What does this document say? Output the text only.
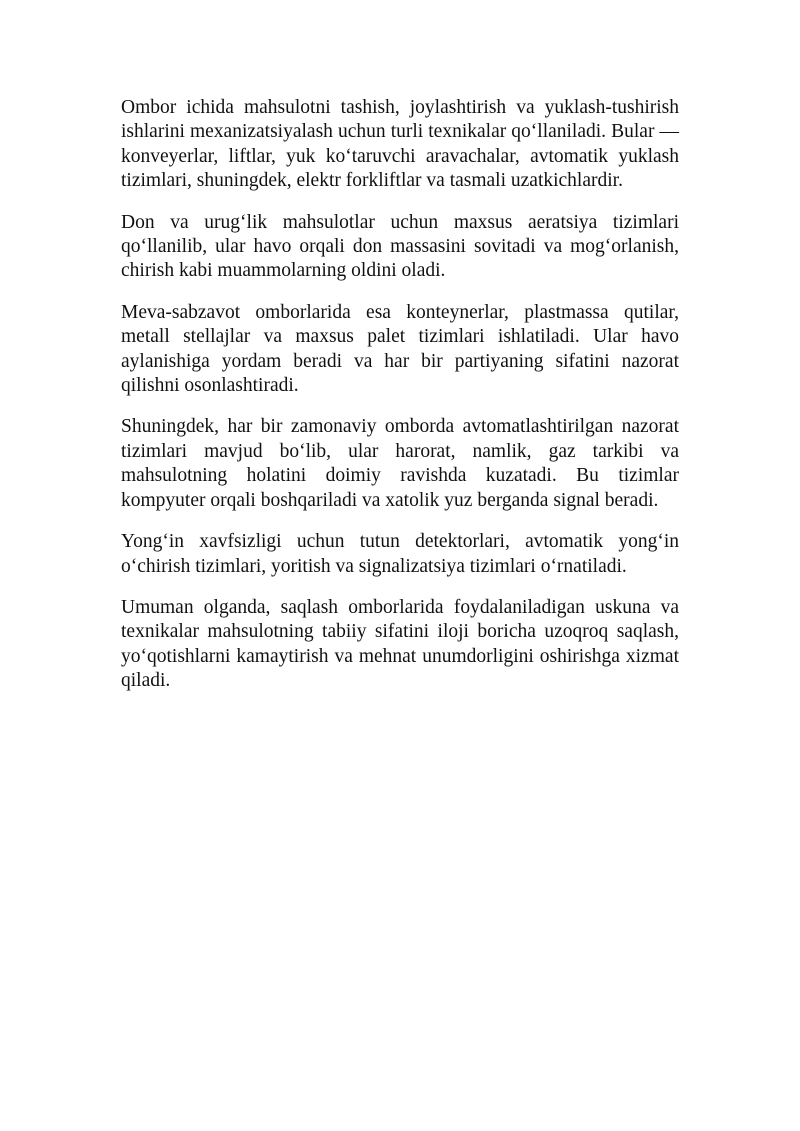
Ombor ichida mahsulotni tashish, joylashtirish va yuklash-tushirish ishlarini mexanizatsiyalash uchun turli texnikalar qo‘llaniladi. Bular — konveyerlar, liftlar, yuk ko‘taruvchi aravachalar, avtomatik yuklash tizimlari, shuningdek, elektr forkliftlar va tasmali uzatkichlardir.

Don va urug‘lik mahsulotlar uchun maxsus aeratsiya tizimlari qo‘llanilib, ular havo orqali don massasini sovitadi va mog‘orlanish, chirish kabi muammolarning oldini oladi.

Meva-sabzavot omborlarida esa konteynerlar, plastmassa qutilar, metall stellajlar va maxsus palet tizimlari ishlatiladi. Ular havo aylanishiga yordam beradi va har bir partiyaning sifatini nazorat qilishni osonlashtiradi.

Shuningdek, har bir zamonaviy omborda avtomatlashtirilgan nazorat tizimlari mavjud bo‘lib, ular harorat, namlik, gaz tarkibi va mahsulotning holatini doimiy ravishda kuzatadi. Bu tizimlar kompyuter orqali boshqariladi va xatolik yuz berganda signal beradi.

Yong‘in xavfsizligi uchun tutun detektorlari, avtomatik yong‘in o‘chirish tizimlari, yoritish va signalizatsiya tizimlari o‘rnatiladi.

Umuman olganda, saqlash omborlarida foydalaniladigan uskuna va texnikalar mahsulotning tabiiy sifatini iloji boricha uzoqroq saqlash, yo‘qotishlarni kamaytirish va mehnat unumdorligini oshirishga xizmat qiladi.
